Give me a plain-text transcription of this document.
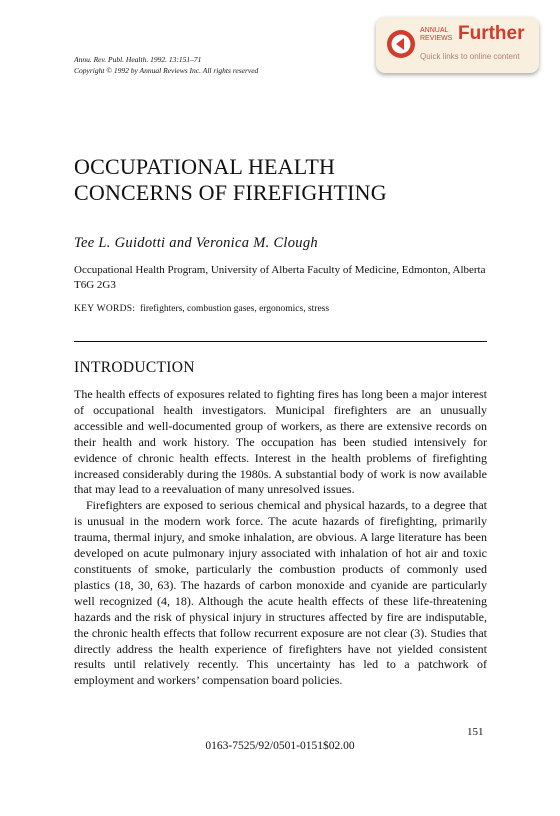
Annu. Rev. Publ. Health. 1992. 13:151–71
Copyright © 1992 by Annual Reviews Inc. All rights reserved
ANNUAL
REVIEWS Further
Quick links to online content
OCCUPATIONAL HEALTH
CONCERNS OF FIREFIGHTING
Tee L. Guidotti and Veronica M. Clough
Occupational Health Program, University of Alberta Faculty of Medicine, Edmonton, Alberta T6G 2G3
KEY WORDS: firefighters, combustion gases, ergonomics, stress
INTRODUCTION

The health effects of exposures related to fighting fires has long been a major interest of occupational health investigators. Municipal firefighters are an unusually accessible and well-documented group of workers, as there are extensive records on their health and work history. The occupation has been studied intensively for evidence of chronic health effects. Interest in the health problems of firefighting increased considerably during the 1980s. A substantial body of work is now available that may lead to a reevaluation of many unresolved issues.

Firefighters are exposed to serious chemical and physical hazards, to a degree that is unusual in the modern work force. The acute hazards of firefighting, primarily trauma, thermal injury, and smoke inhalation, are obvious. A large literature has been developed on acute pulmonary injury associated with inhalation of hot air and toxic constituents of smoke, particularly the combustion products of commonly used plastics (18, 30, 63). The hazards of carbon monoxide and cyanide are particularly well recognized (4, 18). Although the acute health effects of these life-threatening hazards and the risk of physical injury in structures affected by fire are indisputable, the chronic health effects that follow recurrent exposure are not clear (3). Studies that directly address the health experience of firefighters have not yielded consistent results until relatively recently. This uncertainty has led to a patchwork of employment and workers’ compensation board policies.

151
0163-7525/92/0501-0151$02.00
